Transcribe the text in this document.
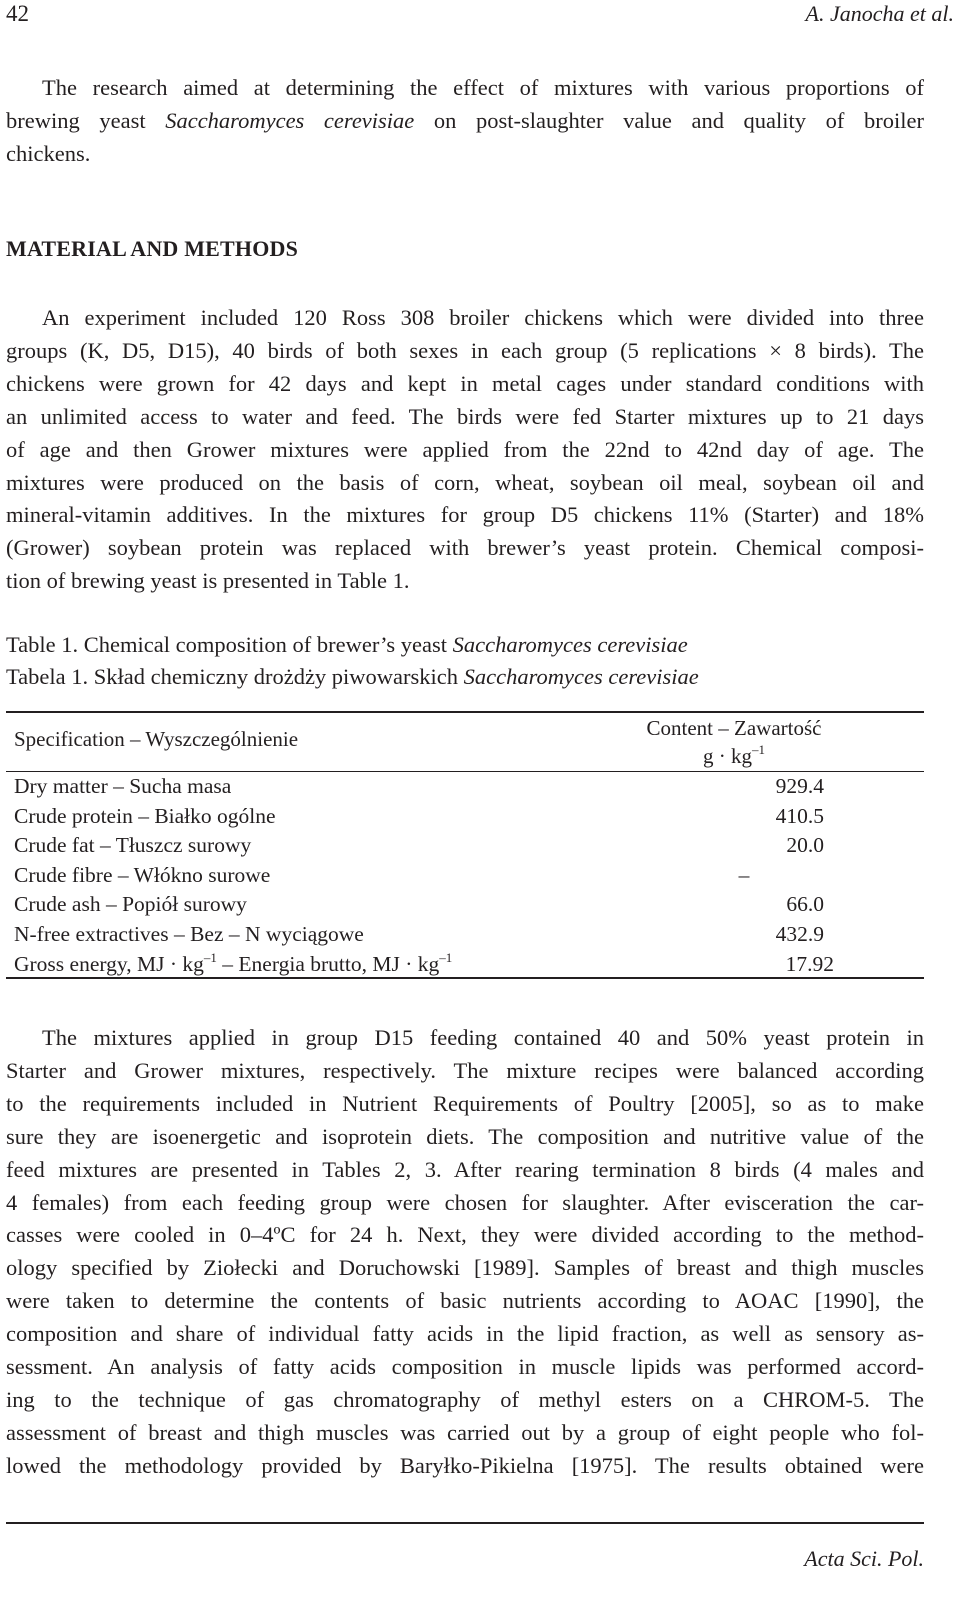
42	A. Janocha et al.
The research aimed at determining the effect of mixtures with various proportions of
brewing yeast Saccharomyces cerevisiae on post-slaughter value and quality of broiler
chickens.
MATERIAL AND METHODS
An experiment included 120 Ross 308 broiler chickens which were divided into three
groups (K, D5, D15), 40 birds of both sexes in each group (5 replications × 8 birds). The
chickens were grown for 42 days and kept in metal cages under standard conditions with
an unlimited access to water and feed. The birds were fed Starter mixtures up to 21 days
of age and then Grower mixtures were applied from the 22nd to 42nd day of age. The
mixtures were produced on the basis of corn, wheat, soybean oil meal, soybean oil and
mineral-vitamin additives. In the mixtures for group D5 chickens 11% (Starter) and 18%
(Grower) soybean protein was replaced with brewer’s yeast protein. Chemical composi-
tion of brewing yeast is presented in Table 1.

Table 1. Chemical composition of brewer’s yeast Saccharomyces cerevisiae

Tabela 1. Skład chemiczny drożdży piwowarskich Saccharomyces cerevisiae

Specification – Wyszczególnienie	Content – Zawartość
$g \cdot kg^{-1}$
Dry matter – Sucha masa	929.4
Crude protein – Białko ogólne	410.5
Crude fat – Tłuszcz surowy	20.0
Crude fibre – Włókno surowe	–
Crude ash – Popiół surowy	66.0
N-free extractives – Bez – N wyciągowe	432.9
Gross energy, MJ · $kg^{-1}$ – Energia brutto, MJ · $kg^{-1}$	17.92
The mixtures applied in group D15 feeding contained 40 and 50% yeast protein in
Starter and Grower mixtures, respectively. The mixture recipes were balanced according
to the requirements included in Nutrient Requirements of Poultry [2005], so as to make
sure they are isoenergetic and isoprotein diets. The composition and nutritive value of the
feed mixtures are presented in Tables 2, 3. After rearing termination 8 birds (4 males and
4 females) from each feeding group were chosen for slaughter. After evisceration the car-
casses were cooled in 0–4ºC for 24 h. Next, they were divided according to the method-
ology specified by Ziołecki and Doruchowski [1989]. Samples of breast and thigh muscles
were taken to determine the contents of basic nutrients according to AOAC [1990], the
composition and share of individual fatty acids in the lipid fraction, as well as sensory as-
sessment. An analysis of fatty acids composition in muscle lipids was performed accord-
ing to the technique of gas chromatography of methyl esters on a CHROM-5. The
assessment of breast and thigh muscles was carried out by a group of eight people who fol-
lowed the methodology provided by Baryłko-Pikielna [1975]. The results obtained were
Acta Sci. Pol.
